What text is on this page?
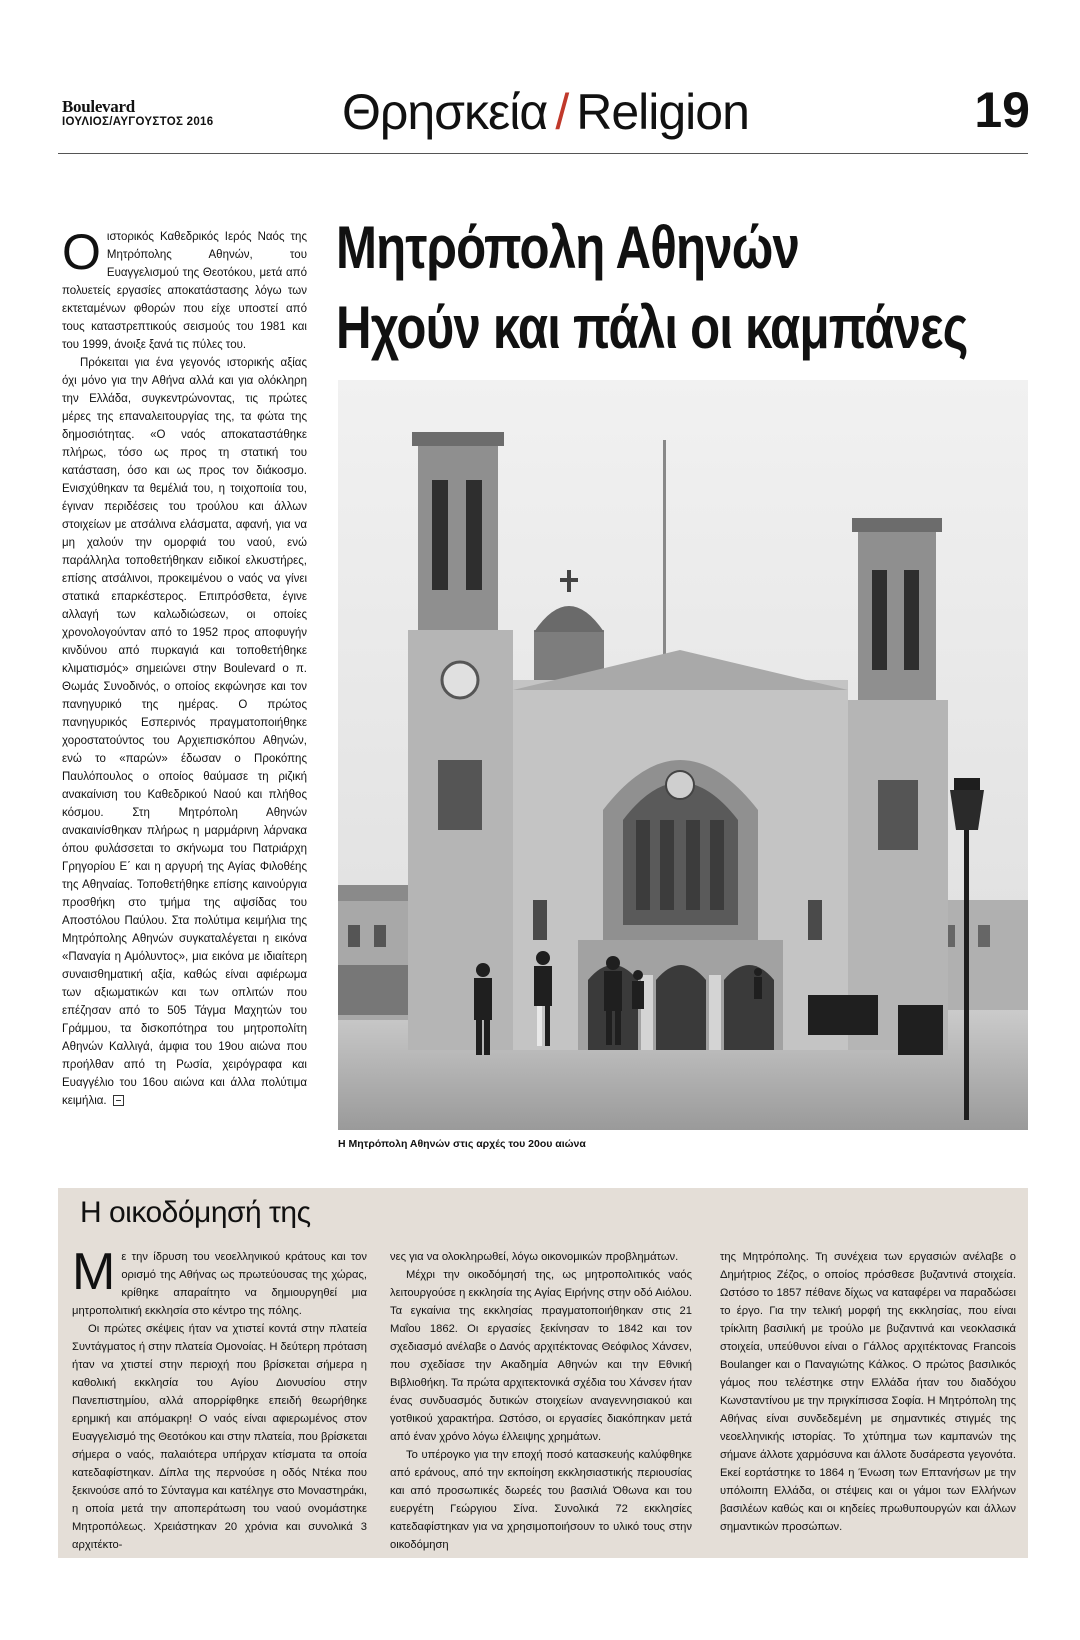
Boulevard
ΙΟΥΛΙΟΣ/ΑΥΓΟΥΣΤΟΣ 2016	Θρησκεία / Religion	19
Μητρόπολη Αθηνών
Ηχούν και πάλι οι καμπάνες

Οιστορικός Καθεδρικός Ιερός Ναός της Μητρόπολης Αθηνών, του Ευαγγελισμού της Θεοτόκου, μετά από πολυετείς εργασίες αποκατάστασης λόγω των εκτεταμένων φθορών που είχε υποστεί από τους καταστρεπτικούς σεισμούς του 1981 και του 1999, άνοιξε ξανά τις πύλες του.

Πρόκειται για ένα γεγονός ιστορικής αξίας όχι μόνο για την Αθήνα αλλά και για ολόκληρη την Ελλάδα, συγκεντρώνοντας, τις πρώτες μέρες της επαναλειτουργίας της, τα φώτα της δημοσιότητας. «Ο ναός αποκαταστάθηκε πλήρως, τόσο ως προς τη στατική του κατάσταση, όσο και ως προς τον διάκοσμο. Ενισχύθηκαν τα θεμέλιά του, η τοιχοποιία του, έγιναν περιδέσεις του τρούλου και άλλων στοιχείων με ατσάλινα ελάσματα, αφανή, για να μη χαλούν την ομορφιά του ναού, ενώ παράλληλα τοποθετήθηκαν ειδικοί ελκυστήρες, επίσης ατσάλινοι, προκειμένου ο ναός να γίνει στατικά επαρκέστερος. Επιπρόσθετα, έγινε αλλαγή των καλωδιώσεων, οι οποίες χρονολογούνταν από το 1952 προς αποφυγήν κινδύνου από πυρκαγιά και τοποθετήθηκε κλιματισμός» σημειώνει στην Boulevard ο π. Θωμάς Συνοδινός, ο οποίος εκφώνησε και τον πανηγυρικό της ημέρας. Ο πρώτος πανηγυρικός Εσπερινός πραγματοποιήθηκε χοροστατούντος του Αρχιεπισκόπου Αθηνών, ενώ το «παρών» έδωσαν ο Προκόπης Παυλόπουλος ο οποίος θαύμασε τη ριζική ανακαίνιση του Καθεδρικού Ναού και πλήθος κόσμου. Στη Μητρόπολη Αθηνών ανακαινίσθηκαν πλήρως η μαρμάρινη λάρνακα όπου φυλάσσεται το σκήνωμα του Πατριάρχη Γρηγορίου Ε΄ και η αργυρή της Αγίας Φιλοθέης της Αθηναίας. Τοποθετήθηκε επίσης καινούργια προσθήκη στο τμήμα της αψσίδας του Αποστόλου Παύλου. Στα πολύτιμα κειμήλια της Μητρόπολης Αθηνών συγκαταλέγεται η εικόνα «Παναγία η Αμόλυντος», μια εικόνα με ιδιαίτερη συναισθηματική αξία, καθώς είναι αφιέρωμα των αξιωματικών και των οπλιτών που επέζησαν από το 505 Τάγμα Μαχητών του Γράμμου, τα δισκοπότηρα του μητροπολίτη Αθηνών Καλλιγά, άμφια του 19ου αιώνα που προήλθαν από τη Ρωσία, χειρόγραφα και Ευαγγέλιο του 16ου αιώνα και άλλα πολύτιμα κειμήλια.

Η Μητρόπολη Αθηνών στις αρχές του 20ου αιώνα
Η οικοδόμησή της

Με την ίδρυση του νεοελληνικού κράτους και τον ορισμό της Αθήνας ως πρωτεύουσας της χώρας, κρίθηκε απαραίτητο να δημιουργηθεί μια μητροπολιτική εκκλησία στο κέντρο της πόλης.

Οι πρώτες σκέψεις ήταν να χτιστεί κοντά στην πλατεία Συντάγματος ή στην πλατεία Ομονοίας. Η δεύτερη πρόταση ήταν να χτιστεί στην περιοχή που βρίσκεται σήμερα η καθολική εκκλησία του Αγίου Διονυσίου στην Πανεπιστημίου, αλλά απορρίφθηκε επειδή θεωρήθηκε ερημική και απόμακρη! Ο ναός είναι αφιερωμένος στον Ευαγγελισμό της Θεοτόκου και στην πλατεία, που βρίσκεται σήμερα ο ναός, παλαιότερα υπήρχαν κτίσματα τα οποία κατεδαφίστηκαν. Δίπλα της περνούσε η οδός Ντέκα που ξεκινούσε από το Σύνταγμα και κατέληγε στο Μοναστηράκι, η οποία μετά την αποπεράτωση του ναού ονομάστηκε Μητροπόλεως. Χρειάστηκαν 20 χρόνια και συνολικά 3 αρχιτέκτο-

νες για να ολοκληρωθεί, λόγω οικονομικών προβλημάτων.

Μέχρι την οικοδόμησή της, ως μητροπολιτικός ναός λειτουργούσε η εκκλησία της Αγίας Ειρήνης στην οδό Αιόλου. Τα εγκαίνια της εκκλησίας πραγματοποιήθηκαν στις 21 Μαΐου 1862. Οι εργασίες ξεκίνησαν το 1842 και τον σχεδιασμό ανέλαβε ο Δανός αρχιτέκτονας Θεόφιλος Χάνσεν, που σχεδίασε την Ακαδημία Αθηνών και την Εθνική Βιβλιοθήκη. Τα πρώτα αρχιτεκτονικά σχέδια του Χάνσεν ήταν ένας συνδυασμός δυτικών στοιχείων αναγεννησιακού και γοτθικού χαρακτήρα. Ωστόσο, οι εργασίες διακόπηκαν μετά από έναν χρόνο λόγω έλλειψης χρημάτων.

Το υπέρογκο για την εποχή ποσό κατασκευής καλύφθηκε από εράνους, από την εκποίηση εκκλησιαστικής περιουσίας και από προσωπικές δωρεές του βασιλιά Όθωνα και του ευεργέτη Γεώργιου Σίνα. Συνολικά 72 εκκλησίες κατεδαφίστηκαν για να χρησιμοποιήσουν το υλικό τους στην οικοδόμηση

της Μητρόπολης. Τη συνέχεια των εργασιών ανέλαβε ο Δημήτριος Ζέζος, ο οποίος πρόσθεσε βυζαντινά στοιχεία. Ωστόσο το 1857 πέθανε δίχως να καταφέρει να παραδώσει το έργο. Για την τελική μορφή της εκκλησίας, που είναι τρίκλιτη βασιλική με τρούλο με βυζαντινά και νεοκλασικά στοιχεία, υπεύθυνοι είναι ο Γάλλος αρχιτέκτονας Francois Boulanger και ο Παναγιώτης Κάλκος. Ο πρώτος βασιλικός γάμος που τελέστηκε στην Ελλάδα ήταν του διαδόχου Κωνσταντίνου με την πριγκίπισσα Σοφία. Η Μητρόπολη της Αθήνας είναι συνδεδεμένη με σημαντικές στιγμές της νεοελληνικής ιστορίας. Το χτύπημα των καμπανών της σήμανε άλλοτε χαρμόσυνα και άλλοτε δυσάρεστα γεγονότα. Εκεί εορτάστηκε το 1864 η Ένωση των Επτανήσων με την υπόλοιπη Ελλάδα, οι στέψεις και οι γάμοι των Ελλήνων βασιλέων καθώς και οι κηδείες πρωθυπουργών και άλλων σημαντικών προσώπων.
